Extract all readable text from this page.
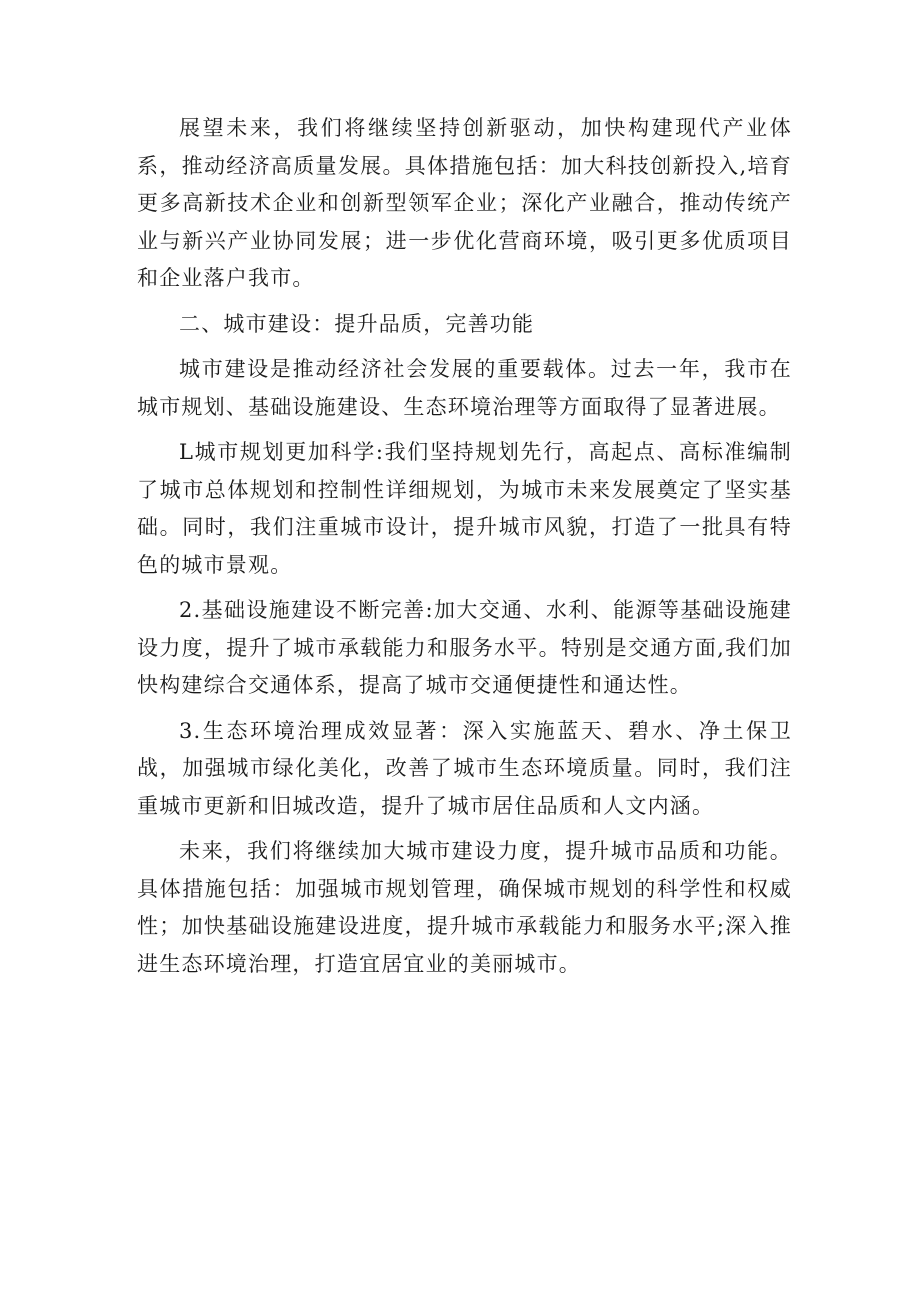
展望未来，我们将继续坚持创新驱动，加快构建现代产业体系，推动经济高质量发展。具体措施包括：加大科技创新投入,培育更多高新技术企业和创新型领军企业；深化产业融合，推动传统产业与新兴产业协同发展；进一步优化营商环境，吸引更多优质项目和企业落户我市。

二、城市建设：提升品质，完善功能

城市建设是推动经济社会发展的重要载体。过去一年，我市在城市规划、基础设施建设、生态环境治理等方面取得了显著进展。

L城市规划更加科学:我们坚持规划先行，高起点、高标准编制了城市总体规划和控制性详细规划，为城市未来发展奠定了坚实基础。同时，我们注重城市设计，提升城市风貌，打造了一批具有特色的城市景观。

2.基础设施建设不断完善:加大交通、水利、能源等基础设施建设力度，提升了城市承载能力和服务水平。特别是交通方面,我们加快构建综合交通体系，提高了城市交通便捷性和通达性。

3.生态环境治理成效显著：深入实施蓝天、碧水、净土保卫战，加强城市绿化美化，改善了城市生态环境质量。同时，我们注重城市更新和旧城改造，提升了城市居住品质和人文内涵。

未来，我们将继续加大城市建设力度，提升城市品质和功能。具体措施包括：加强城市规划管理，确保城市规划的科学性和权威性；加快基础设施建设进度，提升城市承载能力和服务水平;深入推进生态环境治理，打造宜居宜业的美丽城市。
